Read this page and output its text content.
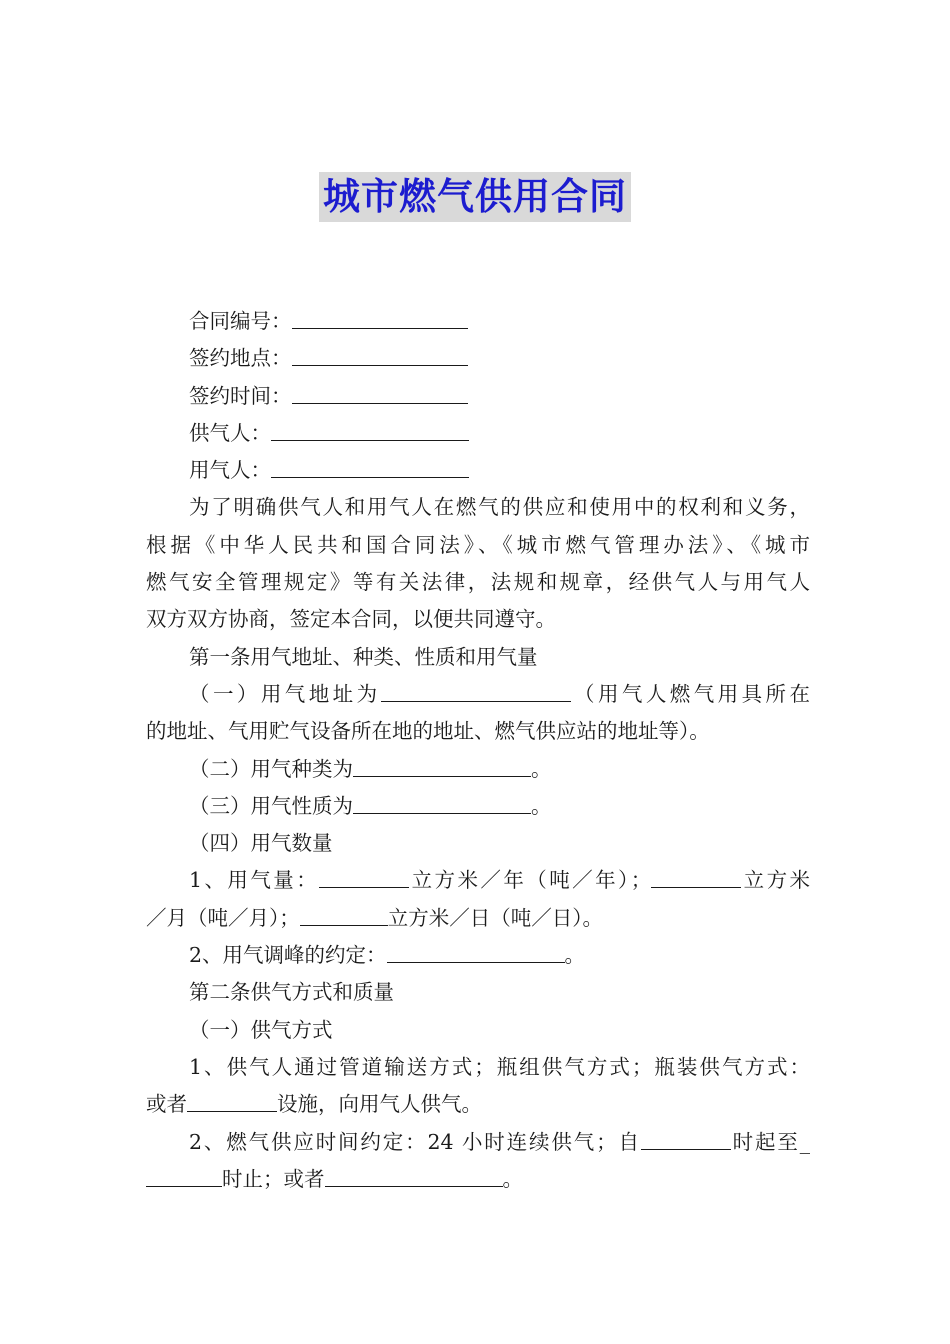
城市燃气供用合同
合同编号：
签约地点：
签约时间：
供气人：
用气人：
为了明确供气人和用气人在燃气的供应和使用中的权利和义务，
根据《中华人民共和国合同法》、《城市燃气管理办法》、《城市
燃气安全管理规定》等有关法律，法规和规章，经供气人与用气人
双方双方协商，签定本合同，以便共同遵守。
第一条用气地址、种类、性质和用气量
（一）用气地址为	（用气人燃气用具所在
的地址、气用贮气设备所在地的地址、燃气供应站的地址等）。
（二）用气种类为	。
（三）用气性质为	。
（四）用气数量
1、用气量：	立方米／年（吨／年）；	立方米
／月（吨／月）；	立方米／日（吨／日）。
2、用气调峰的约定：	。
第二条供气方式和质量
（一）供气方式
1、供气人通过管道输送方式；瓶组供气方式；瓶装供气方式：
或者	设施，向用气人供气。
2、燃气供应时间约定：24 小时连续供气；自	时起至_
时止；或者	。
